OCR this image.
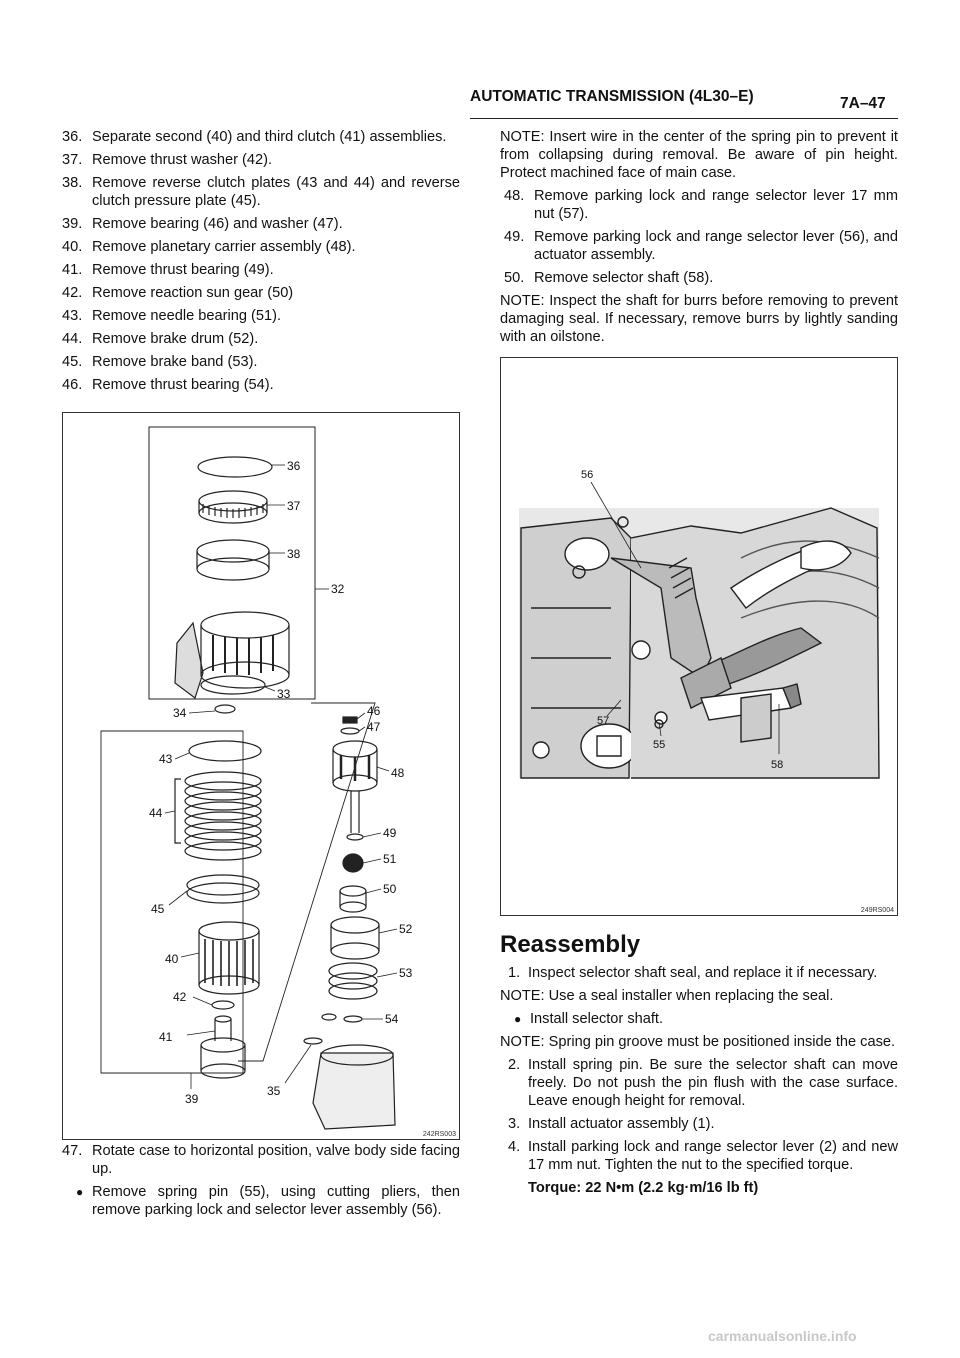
AUTOMATIC TRANSMISSION (4L30–E)	7A–47
36. Separate second (40) and third clutch (41) assemblies.
37. Remove thrust washer (42).
38. Remove reverse clutch plates (43 and 44) and reverse clutch pressure plate (45).
39. Remove bearing (46) and washer (47).
40. Remove planetary carrier assembly (48).
41. Remove thrust bearing (49).
42. Remove reaction sun gear (50)
43. Remove needle bearing (51).
44. Remove brake drum (52).
45. Remove brake band (53).
46. Remove thrust bearing (54).
36
37
38
32
33
34	46
47
48
43
44
49
51
50
45
52
40
53
42
54
41
35
39
242RS003
47. Rotate case to horizontal position, valve body side facing up.
● Remove spring pin (55), using cutting pliers, then remove parking lock and selector lever assembly (56).
NOTE: Insert wire in the center of the spring pin to prevent it from collapsing during removal. Be aware of pin height. Protect machined face of main case.
48. Remove parking lock and range selector lever 17 mm nut (57).
49. Remove parking lock and range selector lever (56), and actuator assembly.
50. Remove selector shaft (58).
NOTE: Inspect the shaft for burrs before removing to prevent damaging seal. If necessary, remove burrs by lightly sanding with an oilstone.
56
57
55
58
249RS004
Reassembly
1. Inspect selector shaft seal, and replace it if necessary.
NOTE: Use a seal installer when replacing the seal.
● Install selector shaft.
NOTE: Spring pin groove must be positioned inside the case.
2. Install spring pin. Be sure the selector shaft can move freely. Do not push the pin flush with the case surface. Leave enough height for removal.
3. Install actuator assembly (1).
4. Install parking lock and range selector lever (2) and new 17 mm nut. Tighten the nut to the specified torque.
Torque: 22 N•m (2.2 kg·m/16 lb ft)
carmanualsonline.info
